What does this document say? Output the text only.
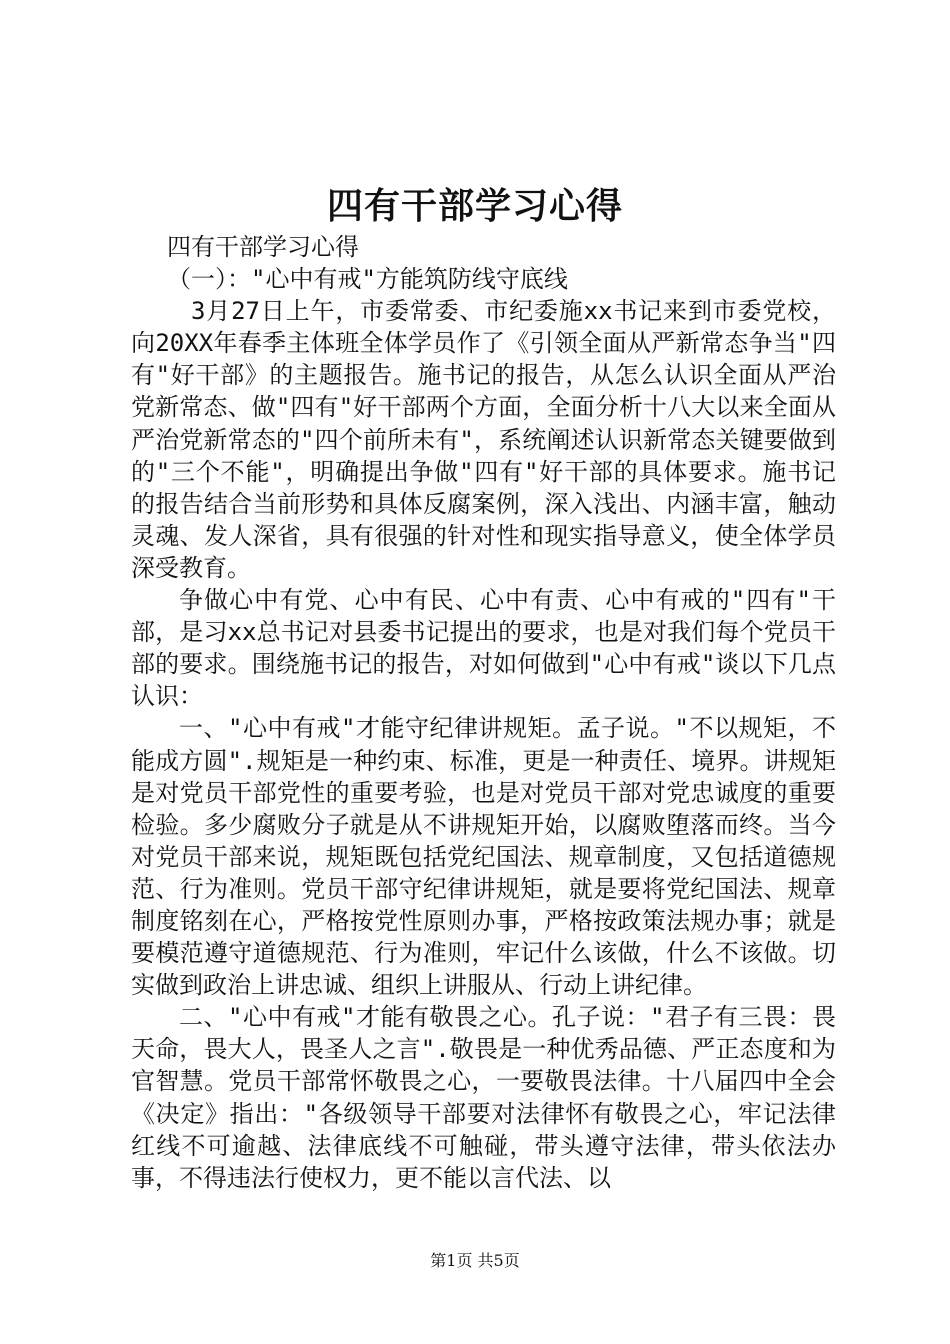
四有干部学习心得

四有干部学习心得

（一）："心中有戒"方能筑防线守底线

3月27日上午，市委常委、市纪委施xx书记来到市委党校，向20XX年春季主体班全体学员作了《引领全面从严新常态争当"四有"好干部》的主题报告。施书记的报告，从怎么认识全面从严治党新常态、做"四有"好干部两个方面，全面分析十八大以来全面从严治党新常态的"四个前所未有"，系统阐述认识新常态关键要做到的"三个不能"，明确提出争做"四有"好干部的具体要求。施书记的报告结合当前形势和具体反腐案例，深入浅出、内涵丰富，触动灵魂、发人深省，具有很强的针对性和现实指导意义，使全体学员深受教育。

争做心中有党、心中有民、心中有责、心中有戒的"四有"干部，是习xx总书记对县委书记提出的要求，也是对我们每个党员干部的要求。围绕施书记的报告，对如何做到"心中有戒"谈以下几点认识：

一、"心中有戒"才能守纪律讲规矩。孟子说。"不以规矩，不能成方圆".规矩是一种约束、标准，更是一种责任、境界。讲规矩是对党员干部党性的重要考验，也是对党员干部对党忠诚度的重要检验。多少腐败分子就是从不讲规矩开始，以腐败堕落而终。当今对党员干部来说，规矩既包括党纪国法、规章制度，又包括道德规范、行为准则。党员干部守纪律讲规矩，就是要将党纪国法、规章制度铭刻在心，严格按党性原则办事，严格按政策法规办事；就是要模范遵守道德规范、行为准则，牢记什么该做，什么不该做。切实做到政治上讲忠诚、组织上讲服从、行动上讲纪律。

二、"心中有戒"才能有敬畏之心。孔子说："君子有三畏：畏天命，畏大人，畏圣人之言".敬畏是一种优秀品德、严正态度和为官智慧。党员干部常怀敬畏之心，一要敬畏法律。十八届四中全会《决定》指出："各级领导干部要对法律怀有敬畏之心，牢记法律红线不可逾越、法律底线不可触碰，带头遵守法律，带头依法办事，不得违法行使权力，更不能以言代法、以

第1页 共5页
